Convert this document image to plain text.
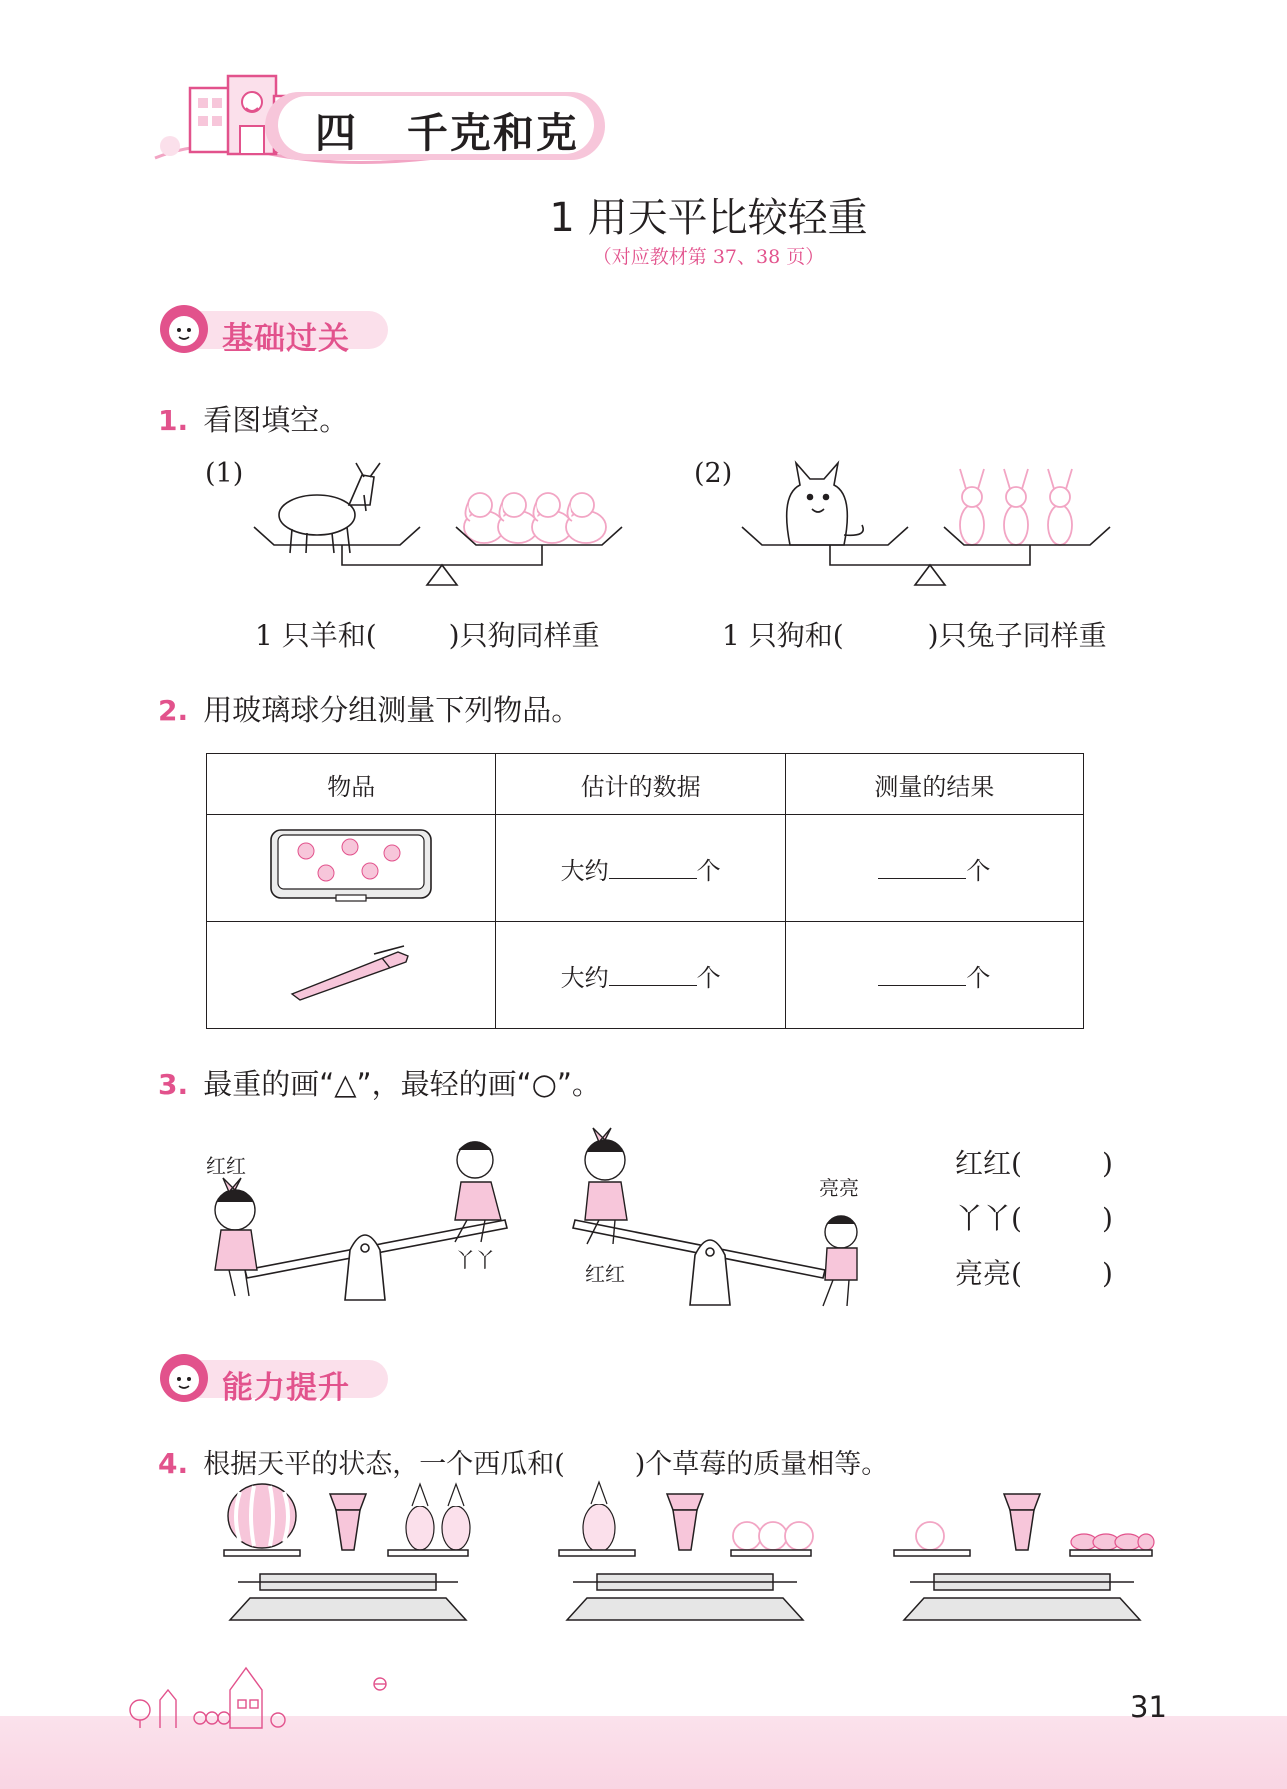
四   千克和克
1 用天平比较轻重
（对应教材第 37、38 页）
基础过关
1. 看图填空。
(1)	(2)
1 只羊和(	)只狗同样重	1 只狗和(	)只兔子同样重
2. 用玻璃球分组测量下列物品。
物品	估计的数据	测量的结果
	大约 个	个
	大约 个	个
3. 最重的画“△”，最轻的画“○”。
红红
丫丫
红红
亮亮
红红(	)
丫丫(	)
亮亮(	)
能力提升
4. 根据天平的状态，一个西瓜和(	)个草莓的质量相等。
31
